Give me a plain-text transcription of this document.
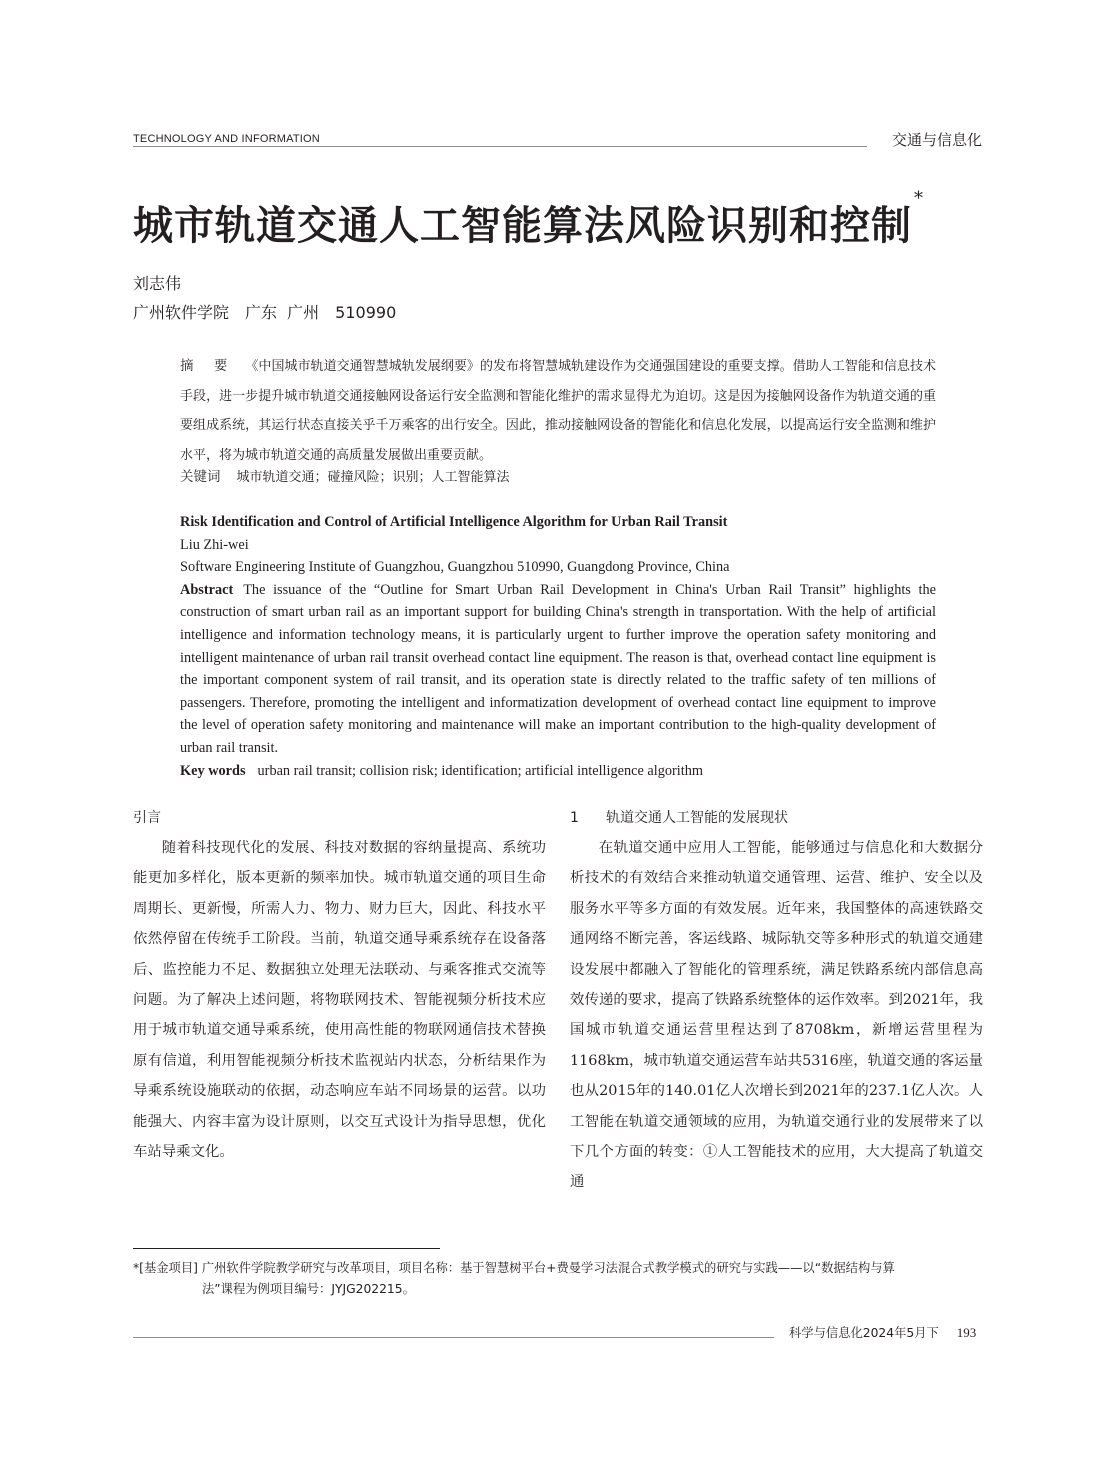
TECHNOLOGY AND INFORMATION	交通与信息化
城市轨道交通人工智能算法风险识别和控制*
刘志伟
广州软件学院　广东  广州　510990
摘 要 《中国城市轨道交通智慧城轨发展纲要》的发布将智慧城轨建设作为交通强国建设的重要支撑。借助人工智能和信息技术手段，进一步提升城市轨道交通接触网设备运行安全监测和智能化维护的需求显得尤为迫切。这是因为接触网设备作为轨道交通的重要组成系统，其运行状态直接关乎千万乘客的出行安全。因此，推动接触网设备的智能化和信息化发展，以提高运行安全监测和维护水平，将为城市轨道交通的高质量发展做出重要贡献。
关键词 城市轨道交通；碰撞风险；识别；人工智能算法
Risk Identification and Control of Artificial Intelligence Algorithm for Urban Rail Transit
Liu Zhi-wei
Software Engineering Institute of Guangzhou, Guangzhou 510990, Guangdong Province, China
Abstract The issuance of the “Outline for Smart Urban Rail Development in China's Urban Rail Transit” highlights the construction of smart urban rail as an important support for building China's strength in transportation. With the help of artificial intelligence and information technology means, it is particularly urgent to further improve the operation safety monitoring and intelligent maintenance of urban rail transit overhead contact line equipment. The reason is that, overhead contact line equipment is the important component system of rail transit, and its operation state is directly related to the traffic safety of ten millions of passengers. Therefore, promoting the intelligent and informatization development of overhead contact line equipment to improve the level of operation safety monitoring and maintenance will make an important contribution to the high-quality development of urban rail transit.
Key words urban rail transit; collision risk; identification; artificial intelligence algorithm
引言
随着科技现代化的发展、科技对数据的容纳量提高、系统功能更加多样化，版本更新的频率加快。城市轨道交通的项目生命周期长、更新慢，所需人力、物力、财力巨大，因此、科技水平依然停留在传统手工阶段。当前，轨道交通导乘系统存在设备落后、监控能力不足、数据独立处理无法联动、与乘客推式交流等问题。为了解决上述问题，将物联网技术、智能视频分析技术应用于城市轨道交通导乘系统，使用高性能的物联网通信技术替换原有信道，利用智能视频分析技术监视站内状态，分析结果作为导乘系统设施联动的依据，动态响应车站不同场景的运营。以功能强大、内容丰富为设计原则，以交互式设计为指导思想，优化车站导乘文化。
1 轨道交通人工智能的发展现状
在轨道交通中应用人工智能，能够通过与信息化和大数据分析技术的有效结合来推动轨道交通管理、运营、维护、安全以及服务水平等多方面的有效发展。近年来，我国整体的高速铁路交通网络不断完善，客运线路、城际轨交等多种形式的轨道交通建设发展中都融入了智能化的管理系统，满足铁路系统内部信息高效传递的要求，提高了铁路系统整体的运作效率。到2021年，我国城市轨道交通运营里程达到了8708km，新增运营里程为1168km，城市轨道交通运营车站共5316座，轨道交通的客运量也从2015年的140.01亿人次增长到2021年的237.1亿人次。人工智能在轨道交通领域的应用，为轨道交通行业的发展带来了以下几个方面的转变：①人工智能技术的应用，大大提高了轨道交通
*[基金项目] 广州软件学院教学研究与改革项目，项目名称：基于智慧树平台+费曼学习法混合式教学模式的研究与实践——以“数据结构与算
法”课程为例项目编号：JYJG202215。
科学与信息化2024年5月下 193
